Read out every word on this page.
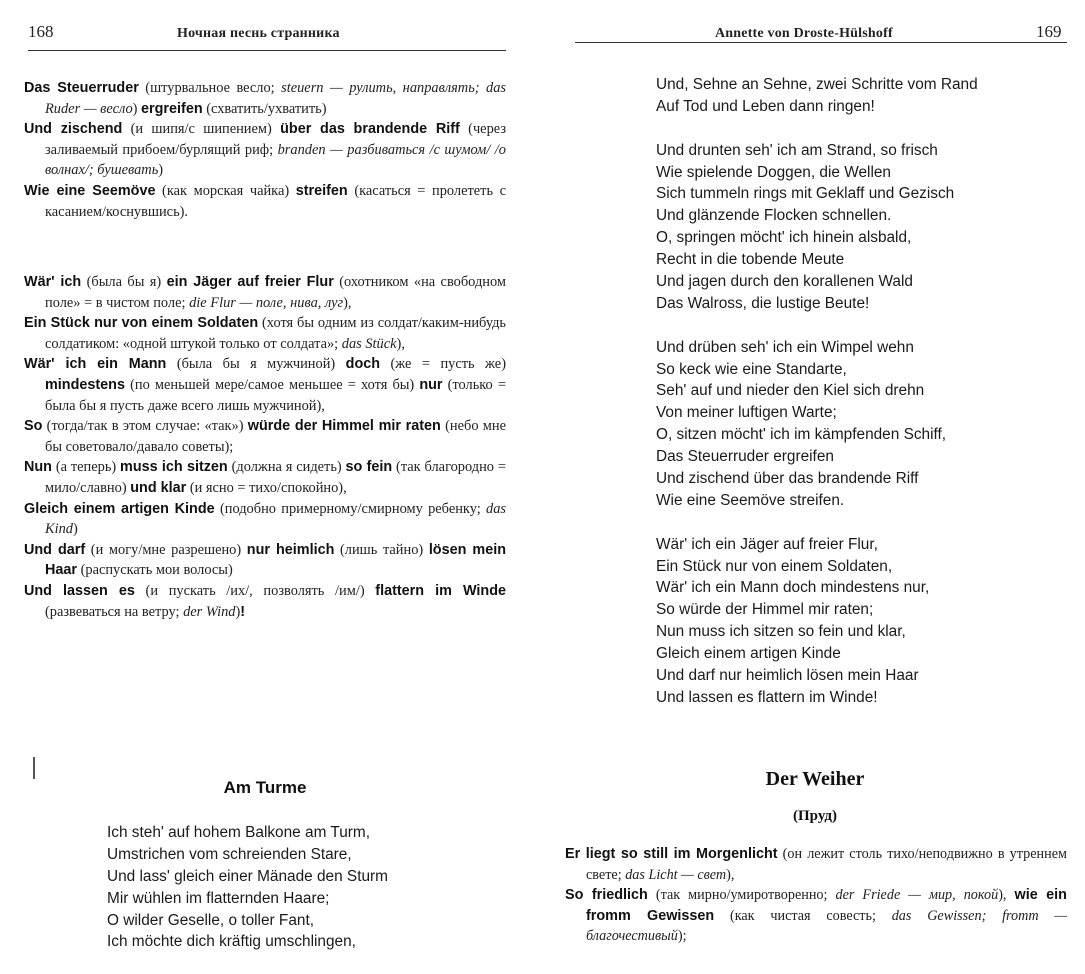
168	Ночная песнь странника
Das Steuerruder (штурвальное весло; steuern — рулить, направлять; das Ruder — весло) ergreifen (схватить/ухватить)
Und zischend (и шипя/с шипением) über das brandende Riff (через заливаемый прибоем/бурлящий риф; branden — разбиваться /с шумом/ /о волнах/; бушевать)
Wie eine Seemöve (как морская чайка) streifen (касаться = пролететь с касанием/коснувшись).
Wär' ich (была бы я) ein Jäger auf freier Flur (охотником «на свободном поле» = в чистом поле; die Flur — поле, нива, луг),
Ein Stück nur von einem Soldaten (хотя бы одним из солдат/каким-нибудь солдатиком: «одной штукой только от солдата»; das Stück),
Wär' ich ein Mann (была бы я мужчиной) doch (же = пусть же) mindestens (по меньшей мере/самое меньшее = хотя бы) nur (только = была бы я пусть даже всего лишь мужчиной),
So (тогда/так в этом случае: «так») würde der Himmel mir raten (небо мне бы советовало/давало советы);
Nun (а теперь) muss ich sitzen (должна я сидеть) so fein (так благородно = мило/славно) und klar (и ясно = тихо/спокойно),
Gleich einem artigen Kinde (подобно примерному/смирному ребенку; das Kind)
Und darf (и могу/мне разрешено) nur heimlich (лишь тайно) lösen mein Haar (распускать мои волосы)
Und lassen es (и пускать /их/, позволять /им/) flattern im Winde (развеваться на ветру; der Wind)!
Am Turme
Ich steh' auf hohem Balkone am Turm,
Umstrichen vom schreienden Stare,
Und lass' gleich einer Mänade den Sturm
Mir wühlen im flatternden Haare;
O wilder Geselle, o toller Fant,
Ich möchte dich kräftig umschlingen,
Annette von Droste-Hülshoff	169
Und, Sehne an Sehne, zwei Schritte vom Rand
Auf Tod und Leben dann ringen!
Und drunten seh' ich am Strand, so frisch
Wie spielende Doggen, die Wellen
Sich tummeln rings mit Geklaff und Gezisch
Und glänzende Flocken schnellen.
O, springen möcht' ich hinein alsbald,
Recht in die tobende Meute
Und jagen durch den korallenen Wald
Das Walross, die lustige Beute!
Und drüben seh' ich ein Wimpel wehn
So keck wie eine Standarte,
Seh' auf und nieder den Kiel sich drehn
Von meiner luftigen Warte;
O, sitzen möcht' ich im kämpfenden Schiff,
Das Steuerruder ergreifen
Und zischend über das brandende Riff
Wie eine Seemöve streifen.
Wär' ich ein Jäger auf freier Flur,
Ein Stück nur von einem Soldaten,
Wär' ich ein Mann doch mindestens nur,
So würde der Himmel mir raten;
Nun muss ich sitzen so fein und klar,
Gleich einem artigen Kinde
Und darf nur heimlich lösen mein Haar
Und lassen es flattern im Winde!
Der Weiher
(Пруд)
Er liegt so still im Morgenlicht (он лежит столь тихо/неподвижно в утреннем свете; das Licht — свет),
So friedlich (так мирно/умиротворенно; der Friede — мир, покой), wie ein fromm Gewissen (как чистая совесть; das Gewissen; fromm — благочестивый);
